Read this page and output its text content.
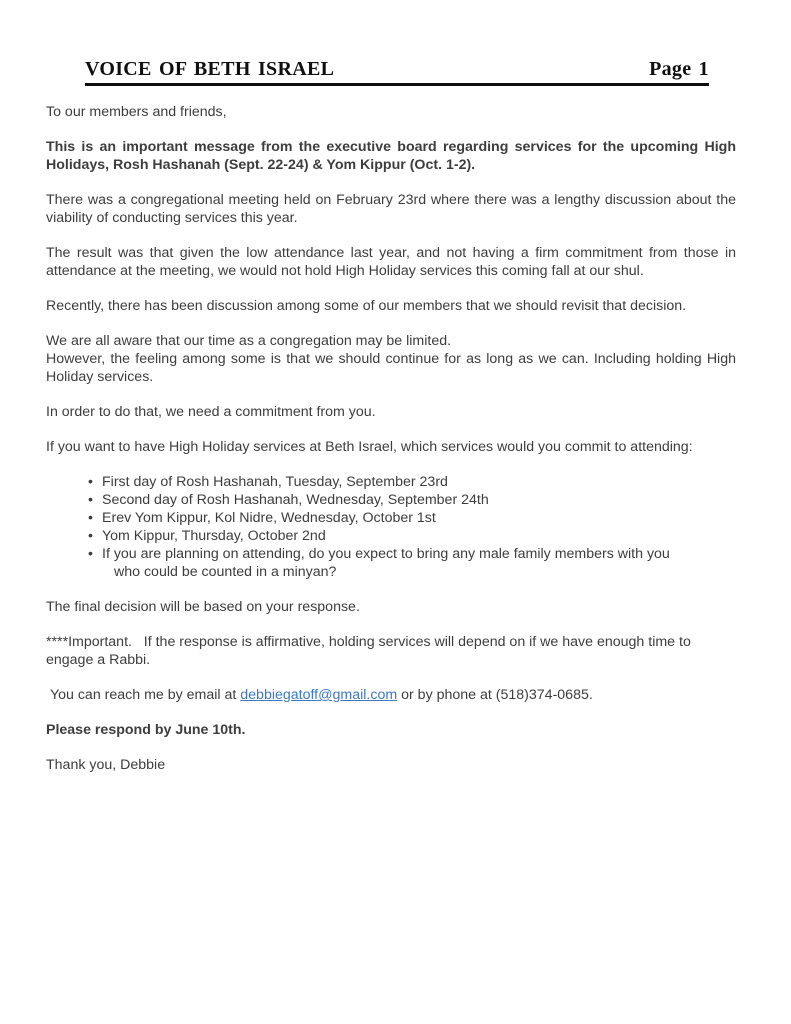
VOICE OF BETH ISRAEL	Page 1

To our members and friends,

This is an important message from the executive board regarding services for the upcoming High Holidays, Rosh Hashanah (Sept. 22-24) & Yom Kippur (Oct. 1-2).

There was a congregational meeting held on February 23rd where there was a lengthy discussion about the viability of conducting services this year.

The result was that given the low attendance last year, and not having a firm commitment from those in attendance at the meeting, we would not hold High Holiday services this coming fall at our shul.

Recently, there has been discussion among some of our members that we should revisit that decision.

We are all aware that our time as a congregation may be limited.

However, the feeling among some is that we should continue for as long as we can. Including holding High Holiday services.

In order to do that, we need a commitment from you.

If you want to have High Holiday services at Beth Israel, which services would you commit to attending:

• First day of Rosh Hashanah, Tuesday, September 23rd
• Second day of Rosh Hashanah, Wednesday, September 24th
• Erev Yom Kippur, Kol Nidre, Wednesday, October 1st
• Yom Kippur, Thursday, October 2nd
• If you are planning on attending, do you expect to bring any male family members with you
who could be counted in a minyan?

The final decision will be based on your response.

****Important.   If the response is affirmative, holding services will depend on if we have enough time to engage a Rabbi.

You can reach me by email at debbiegatoff@gmail.com or by phone at (518)374-0685.

Please respond by June 10th.

Thank you, Debbie
